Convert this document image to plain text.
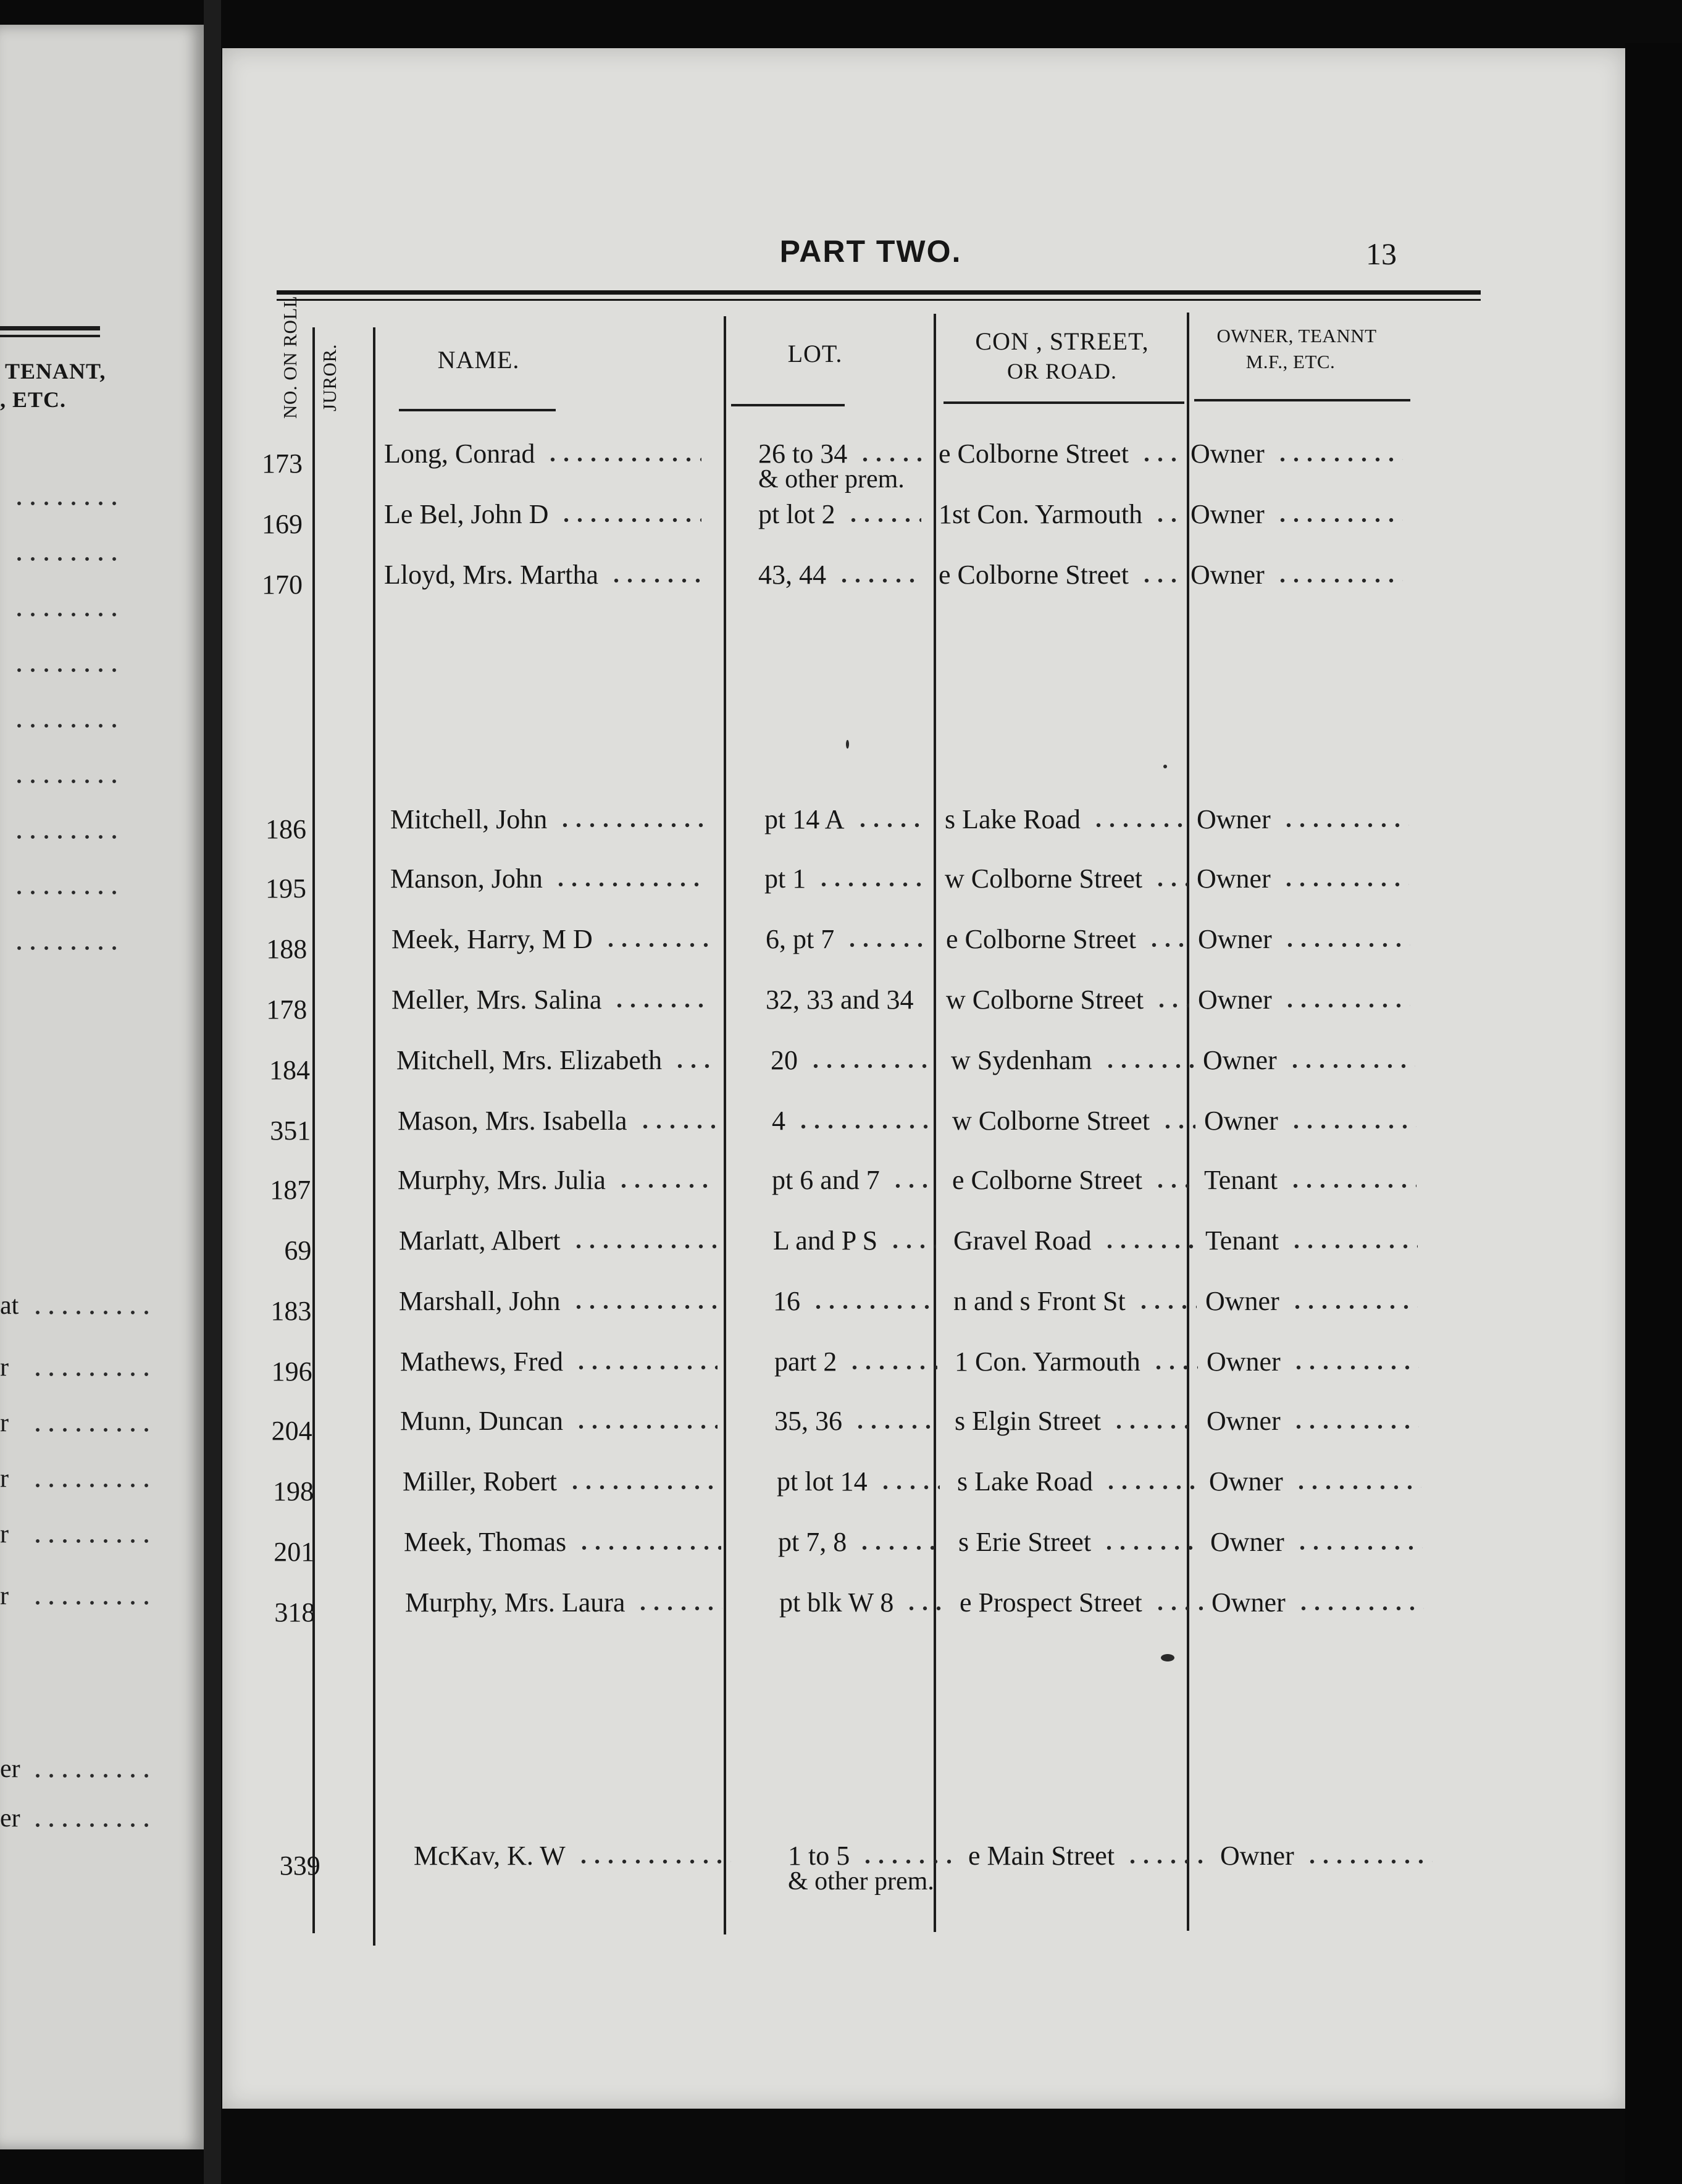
TENANT,
, ETC.
at
r
r
r
r
r
er
er
PART TWO.	13
NO. ON ROLL. JUROR.	NAME.	LOT.	CON , STREET,
OR ROAD.
OWNER, TEANNT
M.F., ETC.
173	Long, Conrad	26 to 34	e Colborne Street	Owner
& other prem.
169	Le Bel, John D	pt lot 2	1st Con. Yarmouth	Owner
170	Lloyd, Mrs. Martha	43, 44	e Colborne Street	Owner
186	Mitchell, John	pt 14 A	s Lake Road	Owner
195	Manson, John	pt 1	w Colborne Street	Owner
188	Meek, Harry, M D	6, pt 7	e Colborne Street	Owner
178	Meller, Mrs. Salina	32, 33 and 34	w Colborne Street	Owner
184	Mitchell, Mrs. Elizabeth	20	w Sydenham	Owner
351	Mason, Mrs. Isabella	4	w Colborne Street	Owner
187	Murphy, Mrs. Julia	pt 6 and 7	e Colborne Street	Tenant
69	Marlatt, Albert	L and P S	Gravel Road	Tenant
183	Marshall, John	16	n and s Front St	Owner
196	Mathews, Fred	part 2	1 Con. Yarmouth	Owner
204	Munn, Duncan	35, 36	s Elgin Street	Owner
198	Miller, Robert	pt lot 14	s Lake Road	Owner
201	Meek, Thomas	pt 7, 8	s Erie Street	Owner
318	Murphy, Mrs. Laura	pt blk W 8	e Prospect Street	Owner
339	McKav, K. W	1 to 5	e Main Street	Owner
& other prem.
